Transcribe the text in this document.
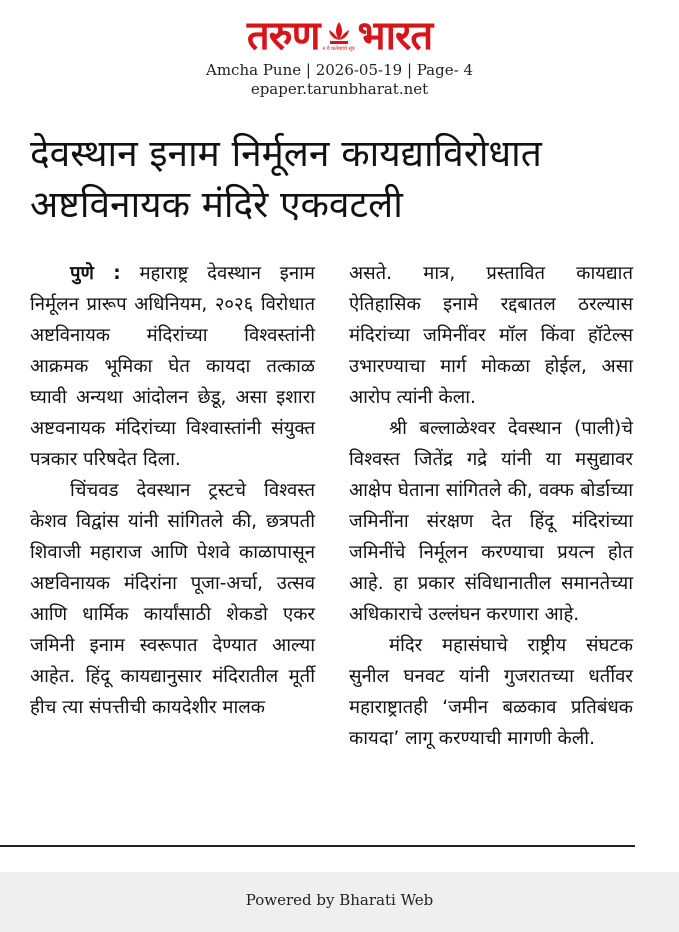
तरुण न ये कर्तव्यांचे सूत्र भारत
Amcha Pune | 2026-05-19 | Page- 4
epaper.tarunbharat.net
देवस्थान इनाम निर्मूलन कायद्याविरोधात
अष्टविनायक मंदिरे एकवटली

पुणे : महाराष्ट्र देवस्थान इनाम निर्मूलन प्रारूप अधिनियम, २०२६ विरोधात अष्टविनायक मंदिरांच्या विश्वस्तांनी आक्रमक भूमिका घेत कायदा तत्काळ घ्यावी अन्यथा आंदोलन छेडू, असा इशारा अष्टवनायक मंदिरांच्या विश्वास्तांनी संयुक्त पत्रकार परिषदेत दिला.

चिंचवड देवस्थान ट्रस्टचे विश्वस्त केशव विद्वांस यांनी सांगितले की, छत्रपती शिवाजी महाराज आणि पेशवे काळापासून अष्टविनायक मंदिरांना पूजा-अर्चा, उत्सव आणि धार्मिक कार्यांसाठी शेकडो एकर जमिनी इनाम स्वरूपात देण्यात आल्या आहेत. हिंदू कायद्यानुसार मंदिरातील मूर्ती हीच त्या संपत्तीची कायदेशीर मालक

असते. मात्र, प्रस्तावित कायद्यात ऐतिहासिक इनामे रद्दबातल ठरल्यास मंदिरांच्या जमिनींवर मॉल किंवा हॉटेल्स उभारण्याचा मार्ग मोकळा होईल, असा आरोप त्यांनी केला.

श्री बल्लाळेश्वर देवस्थान (पाली)चे विश्वस्त जितेंद्र गद्रे यांनी या मसुद्यावर आक्षेप घेताना सांगितले की, वक्फ बोर्डाच्या जमिनींना संरक्षण देत हिंदू मंदिरांच्या जमिनींचे निर्मूलन करण्याचा प्रयत्न होत आहे. हा प्रकार संविधानातील समानतेच्या अधिकाराचे उल्लंघन करणारा आहे.

मंदिर महासंघाचे राष्ट्रीय संघटक सुनील घनवट यांनी गुजरातच्या धर्तीवर महाराष्ट्रातही ‘जमीन बळकाव प्रतिबंधक कायदा’ लागू करण्याची मागणी केली.

Powered by Bharati Web
